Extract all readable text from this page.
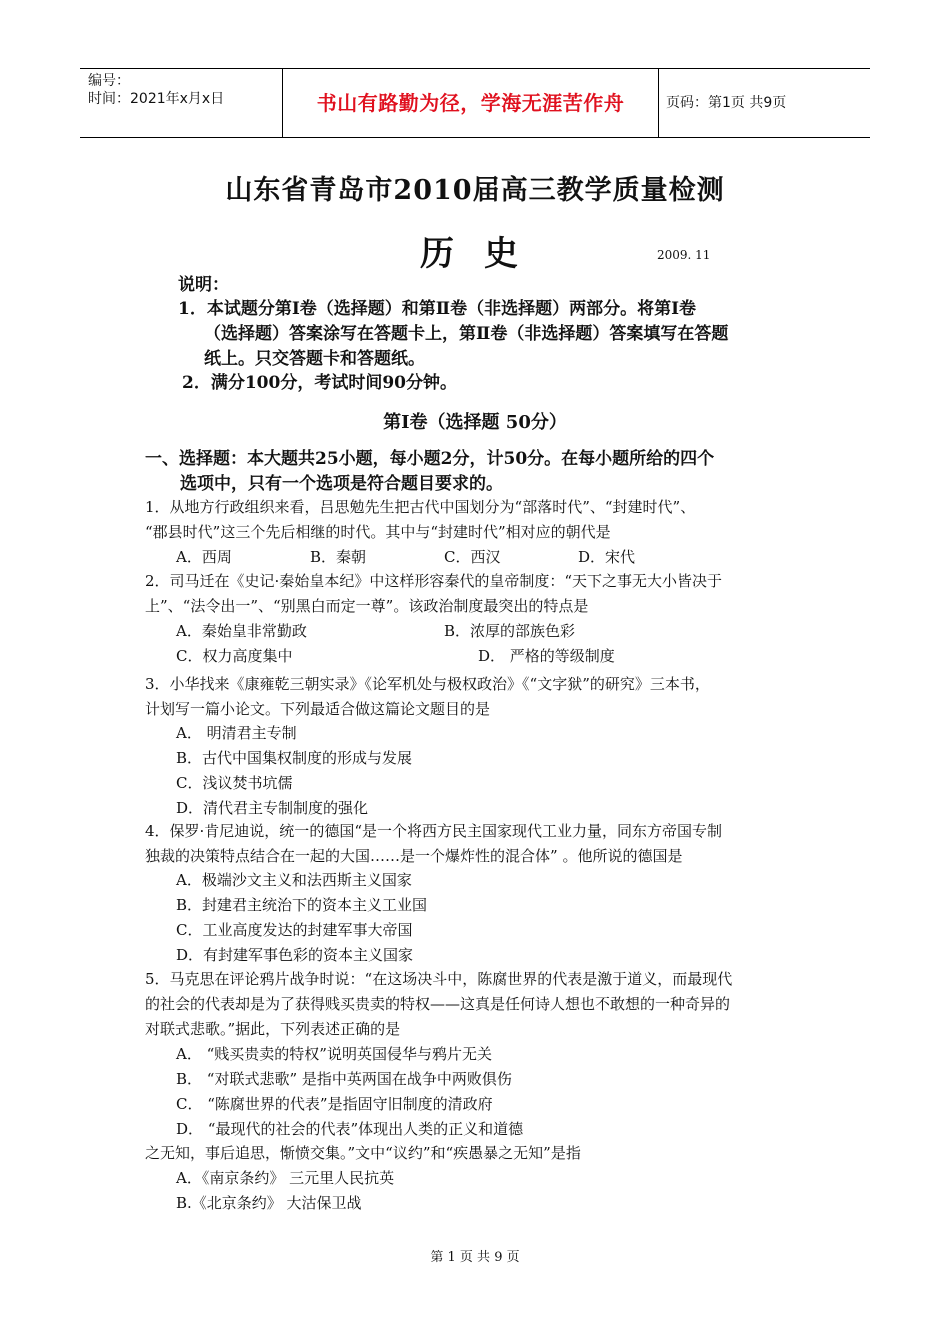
编号：
时间：2021年x月x日	书山有路勤为径，学海无涯苦作舟	页码：第1页 共9页
山东省青岛市2010届高三教学质量检测
历史	2009. 11
说明：
1．本试题分第Ⅰ卷（选择题）和第Ⅱ卷（非选择题）两部分。将第Ⅰ卷
（选择题）答案涂写在答题卡上，第Ⅱ卷（非选择题）答案填写在答题
纸上。只交答题卡和答题纸。
2．满分100分，考试时间90分钟。
第Ⅰ卷（选择题 50分）
一、选择题：本大题共25小题，每小题2分，计50分。在每小题所给的四个
选项中，只有一个选项是符合题目要求的。
1．从地方行政组织来看，吕思勉先生把古代中国划分为“部落时代”、“封建时代”、
“郡县时代”这三个先后相继的时代。其中与“封建时代”相对应的朝代是
A．西周	B．秦朝	C．西汉	D．宋代
2．司马迁在《史记·秦始皇本纪》中这样形容秦代的皇帝制度：“天下之事无大小皆决于
上”、“法令出一”、“别黑白而定一尊”。该政治制度最突出的特点是
A．秦始皇非常勤政	B．浓厚的部族色彩
C．权力高度集中	D． 严格的等级制度
3．小华找来《康雍乾三朝实录》《论军机处与极权政治》《“文字狱”的研究》三本书，
计划写一篇小论文。下列最适合做这篇论文题目的是
A． 明清君主专制
B．古代中国集权制度的形成与发展
C．浅议焚书坑儒
D．清代君主专制制度的强化
4．保罗·肯尼迪说，统一的德国“是一个将西方民主国家现代工业力量，同东方帝国专制
独裁的决策特点结合在一起的大国……是一个爆炸性的混合体” 。他所说的德国是
A．极端沙文主义和法西斯主义国家
B．封建君主统治下的资本主义工业国
C．工业高度发达的封建军事大帝国
D．有封建军事色彩的资本主义国家
5．马克思在评论鸦片战争时说：“在这场决斗中，陈腐世界的代表是激于道义，而最现代
的社会的代表却是为了获得贱买贵卖的特权——这真是任何诗人想也不敢想的一种奇异的
对联式悲歌。”据此，下列表述正确的是
A． “贱买贵卖的特权”说明英国侵华与鸦片无关
B． “对联式悲歌” 是指中英两国在战争中两败俱伤
C． “陈腐世界的代表”是指固守旧制度的清政府
D． “最现代的社会的代表”体现出人类的正义和道德
之无知，事后追思，惭愤交集。”文中“议约”和“疾愚暴之无知”是指
A．《南京条约》 三元里人民抗英
B.《北京条约》 大沽保卫战
第 1 页 共 9 页
